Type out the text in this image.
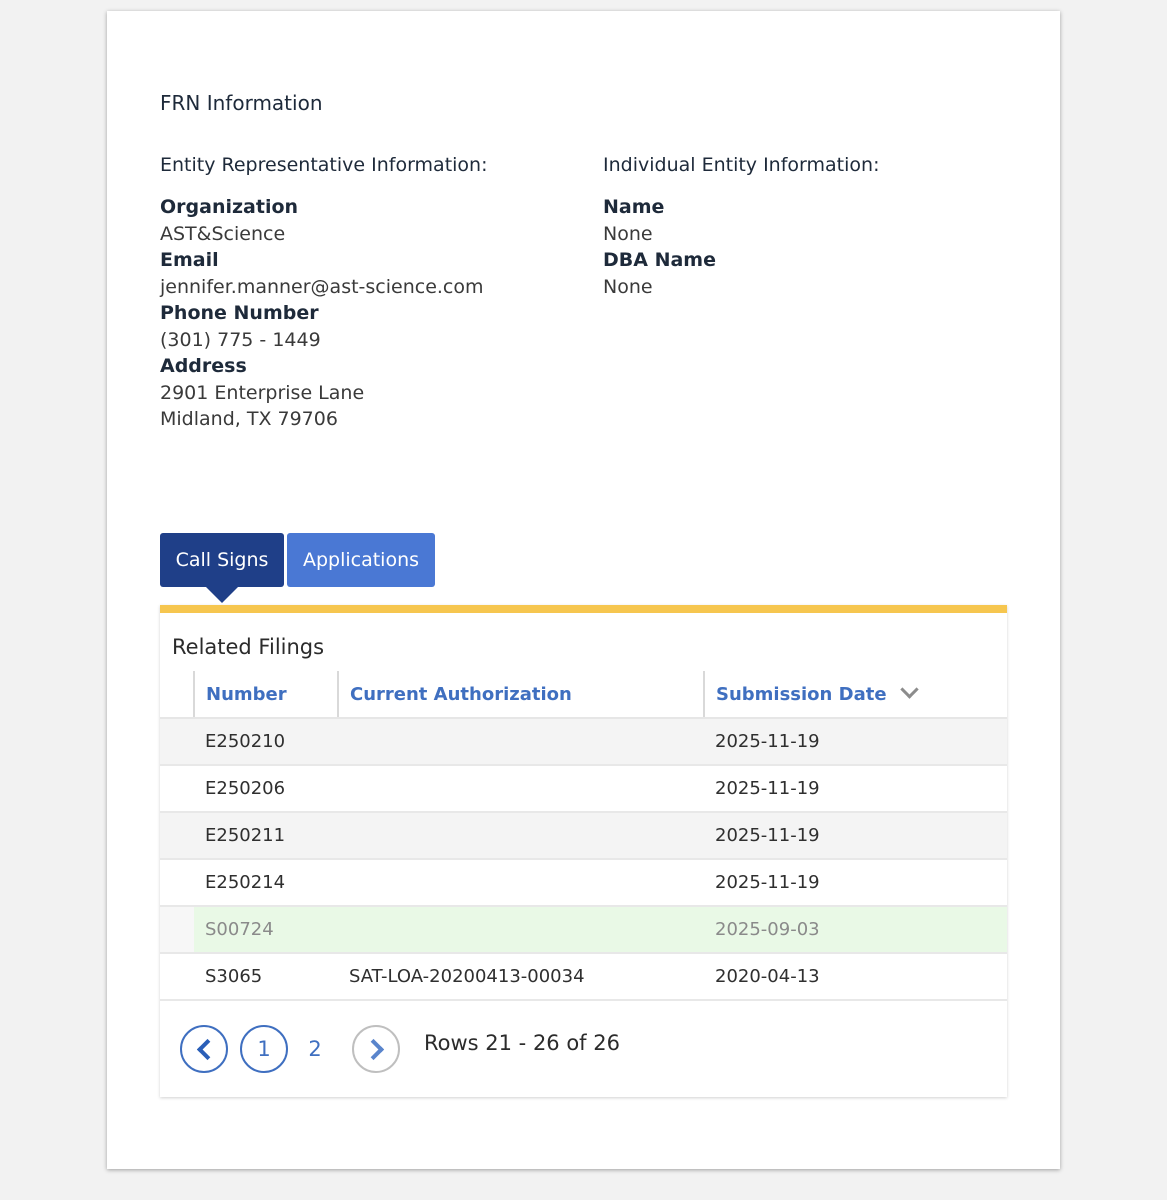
FRN Information
Entity Representative Information:
Organization
AST&Science
Email
jennifer.manner@ast-science.com
Phone Number
(301) 775 - 1449
Address
2901 Enterprise Lane
Midland, TX 79706
Individual Entity Information:
Name
None
DBA Name
None
Call Signs	Applications
Related Filings
	Number	Current Authorization	Submission Date
	E250210		2025-11-19
	E250206		2025-11-19
	E250211		2025-11-19
	E250214		2025-11-19
	S00724		2025-09-03
	S3065	SAT-LOA-20200413-00034	2020-04-13
1	2	Rows 21 - 26 of 26
